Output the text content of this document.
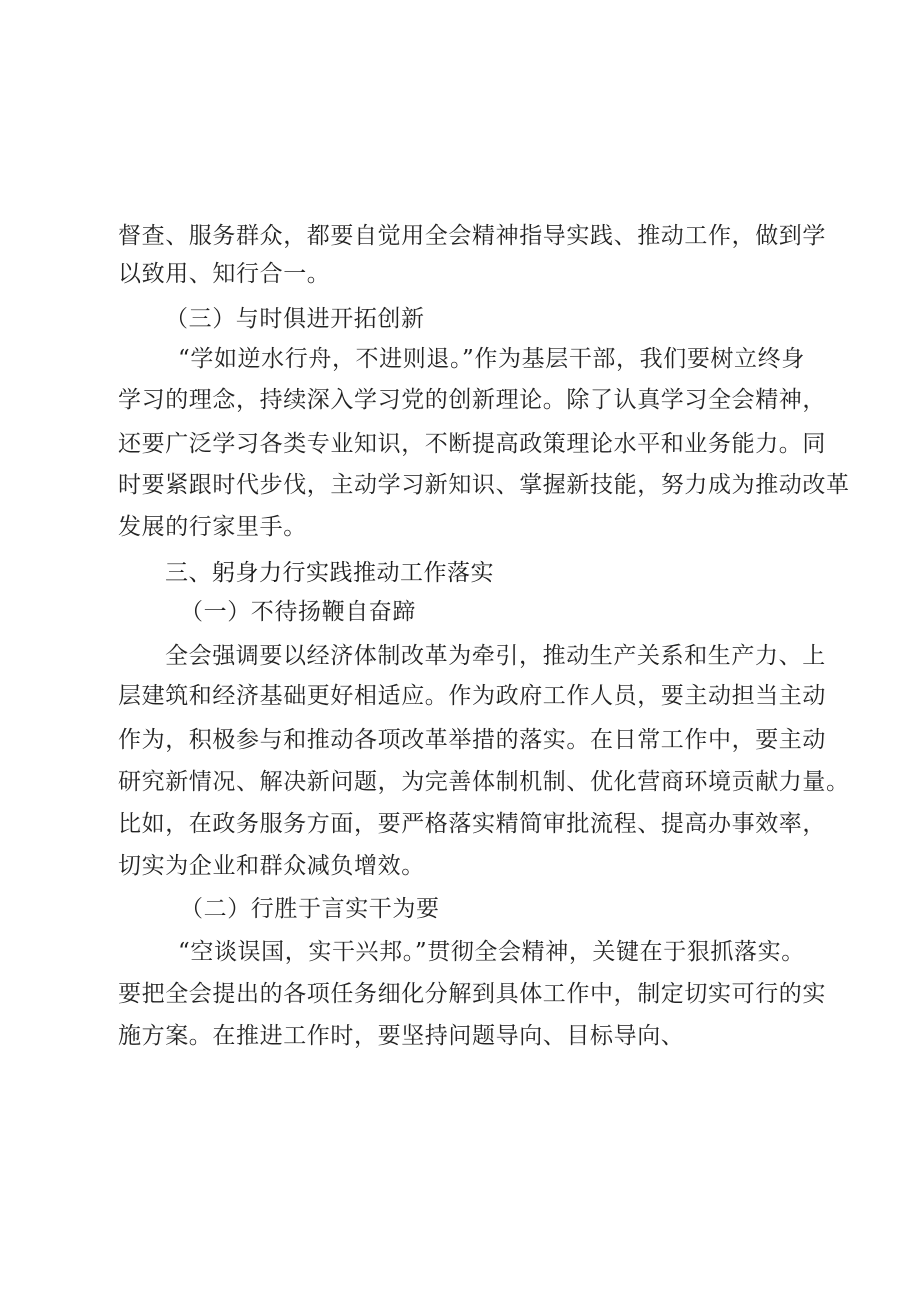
督查、服务群众，都要自觉用全会精神指导实践、推动工作，做到学
以致用、知行合一。
（三）与时俱进开拓创新
“学如逆水行舟，不进则退。”作为基层干部，我们要树立终身
学习的理念，持续深入学习党的创新理论。除了认真学习全会精神，
还要广泛学习各类专业知识，不断提高政策理论水平和业务能力。同
时要紧跟时代步伐，主动学习新知识、掌握新技能，努力成为推动改革
发展的行家里手。
三、躬身力行实践推动工作落实
（一）不待扬鞭自奋蹄
全会强调要以经济体制改革为牵引，推动生产关系和生产力、上
层建筑和经济基础更好相适应。作为政府工作人员，要主动担当主动
作为，积极参与和推动各项改革举措的落实。在日常工作中，要主动
研究新情况、解决新问题，为完善体制机制、优化营商环境贡献力量。
比如，在政务服务方面，要严格落实精简审批流程、提高办事效率，
切实为企业和群众减负增效。
（二）行胜于言实干为要
“空谈误国，实干兴邦。”贯彻全会精神，关键在于狠抓落实。
要把全会提出的各项任务细化分解到具体工作中，制定切实可行的实
施方案。在推进工作时，要坚持问题导向、目标导向、
